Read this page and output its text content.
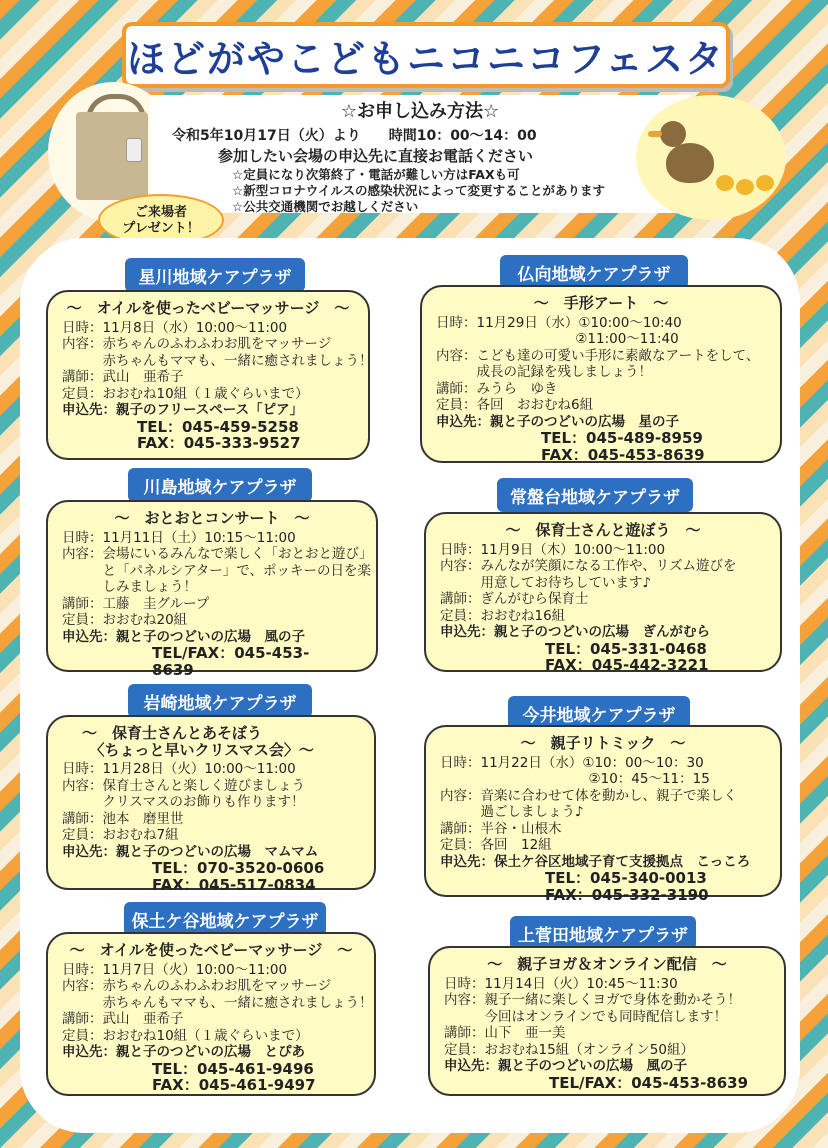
ほどがやこどもニコニコフェスタ
☆お申し込み方法☆
令和5年10月17日（火）より　　時間10：00～14：00
参加したい会場の申込先に直接お電話ください
☆定員になり次第終了・電話が難しい方はFAXも可
☆新型コロナウイルスの感染状況によって変更することがあります
☆公共交通機関でお越しください
ご来場者
プレゼント！
星川地域ケアプラザ
～　オイルを使ったベビーマッサージ　～
日時：11月8日（水）10:00～11:00
内容：赤ちゃんのふわふわお肌をマッサージ
　　　赤ちゃんもママも、一緒に癒されましょう！
講師：武山　亜希子
定員：おおむね10組（１歳ぐらいまで）
申込先：親子のフリースペース「ピア」
　　　　　TEL：045-459-5258
　　　　　FAX：045-333-9527
仏向地域ケアプラザ
～　手形アート　～
日時：11月29日（水）①10:00～10:40
　　　　　　　　　　 ②11:00～11:40
内容：こども達の可愛い手形に素敵なアートをして、
　　　成長の記録を残しましょう！
講師：みうら　ゆき
定員：各回　おおむね6組
申込先：親と子のつどいの広場　星の子
　　　　　　　TEL：045-489-8959
　　　　　　　FAX：045-453-8639
川島地域ケアプラザ
～　おとおとコンサート　～
日時：11月11日（土）10:15～11:00
内容：会場にいるみんなで楽しく「おとおと遊び」
　　　と「パネルシアター」で、ポッキーの日を楽
　　　しみましょう！
講師：工藤　圭グループ
定員：おおむね20組
申込先：親と子のつどいの広場　風の子
　　　　　　TEL/FAX：045-453-
　　　　　　8639
常盤台地域ケアプラザ
～　保育士さんと遊ぼう　～
日時：11月9日（木）10:00～11:00
内容：みんなが笑顔になる工作や、リズム遊びを
　　　用意してお待ちしています♪
講師：ぎんがむら保育士
定員：おおむね16組
申込先：親と子のつどいの広場　ぎんがむら
　　　　　　　TEL：045-331-0468
　　　　　　　FAX：045-442-3221
岩崎地域ケアプラザ
～　保育士さんとあそぼう
　〈ちょっと早いクリスマス会〉～
日時：11月28日（火）10:00～11:00
内容：保育士さんと楽しく遊びましょう
　　　クリスマスのお飾りも作ります！
講師：池本　磨里世
定員：おおむね7組
申込先：親と子のつどいの広場　マムマム
　　　　　　TEL：070-3520-0606
　　　　　　FAX：045-517-0834
今井地域ケアプラザ
～　親子リトミック　～
日時：11月22日（水）①10：00～10：30
　　　　　　　　　　　②10：45～11：15
内容：音楽に合わせて体を動かし、親子で楽しく
　　　過ごしましょう♪
講師：半谷・山根木
定員：各回　12組
申込先：保土ケ谷区地域子育て支援拠点　こっころ
　　　　　　　TEL：045-340-0013
　　　　　　　FAX：045-332-3190
保土ケ谷地域ケアプラザ
～　オイルを使ったベビーマッサージ　～
日時：11月7日（火）10:00～11:00
内容：赤ちゃんのふわふわお肌をマッサージ
　　　赤ちゃんもママも、一緒に癒されましょう！
講師：武山　亜希子
定員：おおむね10組（１歳ぐらいまで）
申込先：親と子のつどいの広場　とぴあ
　　　　　　TEL：045-461-9496
　　　　　　FAX：045-461-9497
上菅田地域ケアプラザ
～　親子ヨガ＆オンライン配信　～
日時：11月14日（火）10:45～11:30
内容：親子一緒に楽しくヨガで身体を動かそう！
　　　今回はオンラインでも同時配信します！
講師：山下　亜一美
定員：おおむね15組（オンライン50組）
申込先：親と子のつどいの広場　風の子
　　　　　　　TEL/FAX：045-453-8639
